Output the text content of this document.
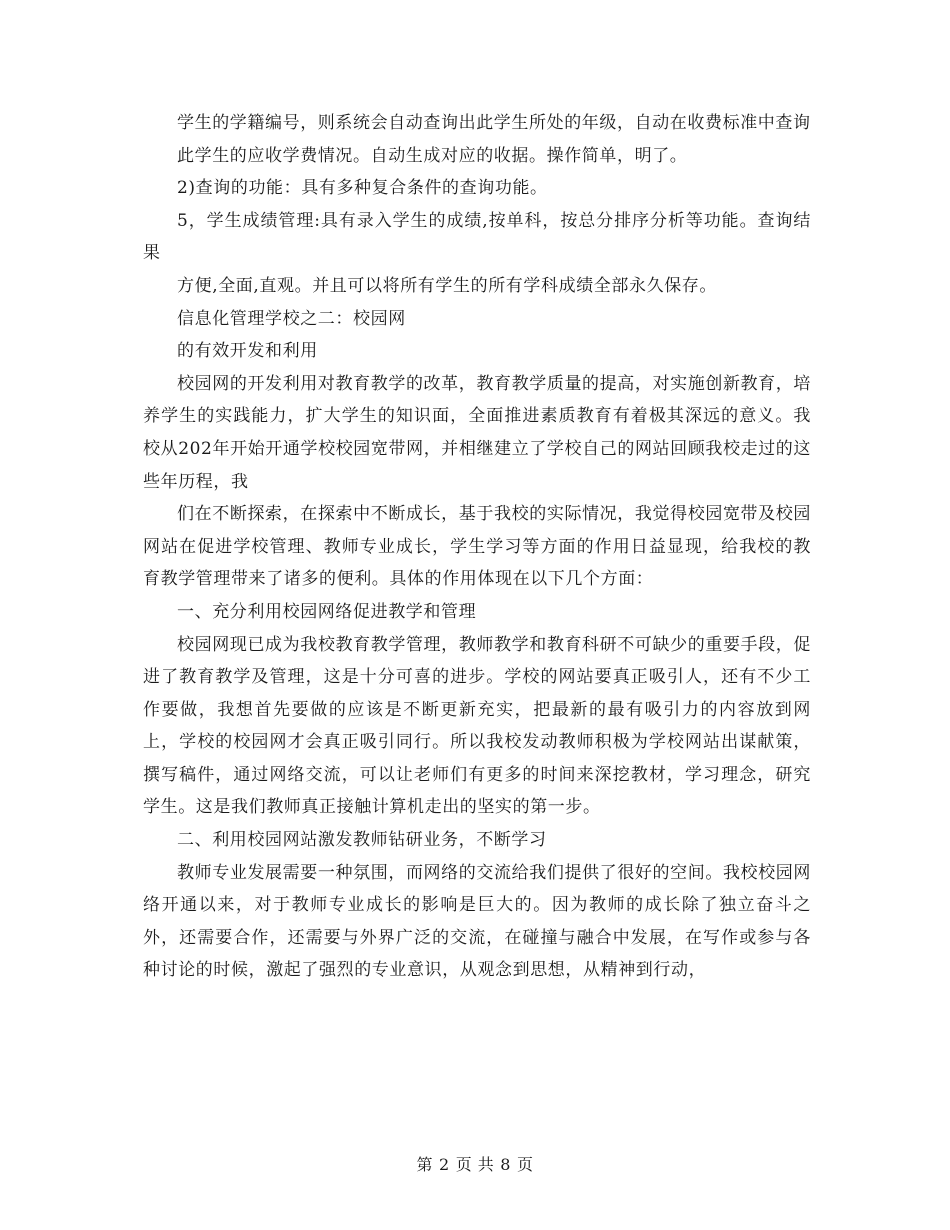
学生的学籍编号，则系统会自动查询出此学生所处的年级，自动在收费标准中查询

此学生的应收学费情况。自动生成对应的收据。操作简单，明了。

2)查询的功能：具有多种复合条件的查询功能。

5，学生成绩管理:具有录入学生的成绩,按单科，按总分排序分析等功能。查询结果

方便,全面,直观。并且可以将所有学生的所有学科成绩全部永久保存。

信息化管理学校之二：校园网

的有效开发和利用

校园网的开发利用对教育教学的改革，教育教学质量的提高，对实施创新教育，培养学生的实践能力，扩大学生的知识面，全面推进素质教育有着极其深远的意义。我校从202年开始开通学校校园宽带网，并相继建立了学校自己的网站回顾我校走过的这些年历程，我

们在不断探索，在探索中不断成长，基于我校的实际情况，我觉得校园宽带及校园网站在促进学校管理、教师专业成长，学生学习等方面的作用日益显现，给我校的教育教学管理带来了诸多的便利。具体的作用体现在以下几个方面：

一、充分利用校园网络促进教学和管理

校园网现已成为我校教育教学管理，教师教学和教育科研不可缺少的重要手段，促进了教育教学及管理，这是十分可喜的进步。学校的网站要真正吸引人，还有不少工作要做，我想首先要做的应该是不断更新充实，把最新的最有吸引力的内容放到网上，学校的校园网才会真正吸引同行。所以我校发动教师积极为学校网站出谋献策，撰写稿件，通过网络交流，可以让老师们有更多的时间来深挖教材，学习理念，研究学生。这是我们教师真正接触计算机走出的坚实的第一步。

二、利用校园网站激发教师钻研业务，不断学习

教师专业发展需要一种氛围，而网络的交流给我们提供了很好的空间。我校校园网络开通以来，对于教师专业成长的影响是巨大的。因为教师的成长除了独立奋斗之外，还需要合作，还需要与外界广泛的交流，在碰撞与融合中发展，在写作或参与各种讨论的时候，激起了强烈的专业意识，从观念到思想，从精神到行动，

第 2 页 共 8 页
